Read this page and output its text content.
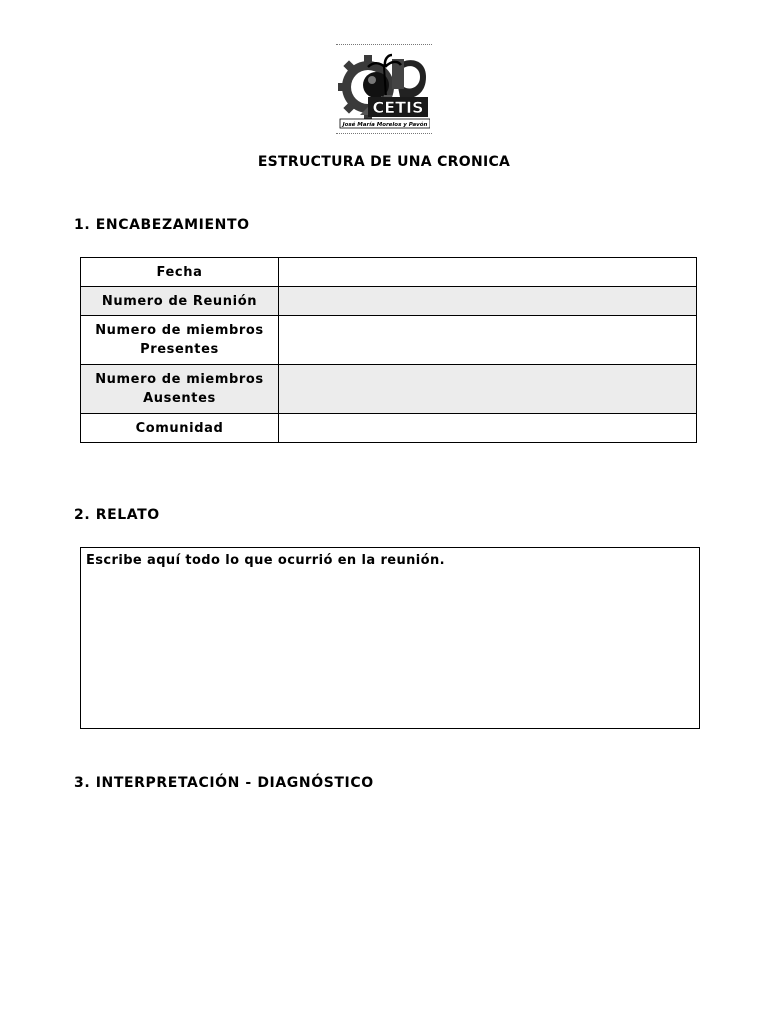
CETIS
José María Morelos y Pavón
ESTRUCTURA DE UNA CRONICA
1. ENCABEZAMIENTO
Fecha	
Numero de Reunión	
Numero de miembros Presentes	
Numero de miembros Ausentes	
Comunidad	
2. RELATO
Escribe aquí todo lo que ocurrió en la reunión.
3. INTERPRETACIÓN - DIAGNÓSTICO
